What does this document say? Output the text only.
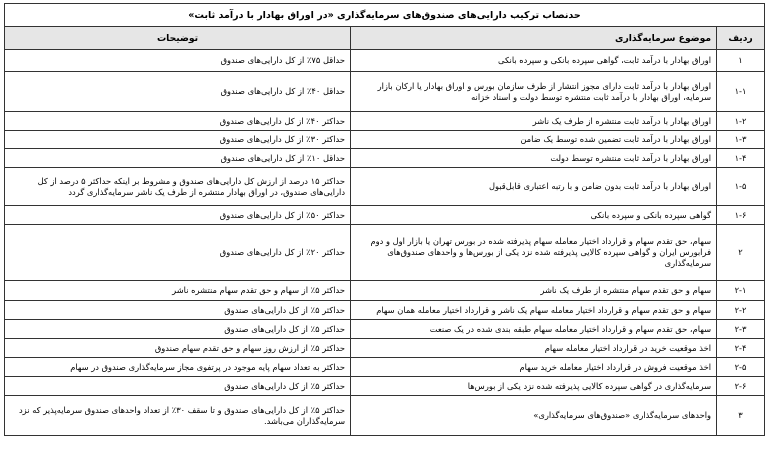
حدنصاب ترکیب دارایی‌های صندوق‌های سرمایه‌گذاری «در اوراق بهادار با درآمد ثابت»		
ردیف	موضوع سرمایه‌گذاری	توضیحات
۱	اوراق بهادار با درآمد ثابت، گواهی سپرده بانکی و سپرده بانکی	حداقل ۷۵٪ از کل دارایی‌های صندوق
۱-۱	اوراق بهادار با درآمد ثابت دارای مجوز انتشار از طرف سازمان بورس و اوراق بهادار یا ارکان بازار سرمایه، اوراق بهادار با درآمد ثابت منتشره توسط دولت و اسناد خزانه	حداقل ۴۰٪ از کل دارایی‌های صندوق
۱-۲	اوراق بهادار با درآمد ثابت منتشره از طرف یک ناشر	حداکثر ۴۰٪ از کل دارایی‌های صندوق
۱-۳	اوراق بهادار با درآمد ثابت تضمین شده توسط یک ضامن	حداکثر ۳۰٪ از کل دارایی‌های صندوق
۱-۴	اوراق بهادار با درآمد ثابت منتشره توسط دولت	حداقل ۱۰٪ از کل دارایی‌های صندوق
۱-۵	اوراق بهادار با درآمد ثابت بدون ضامن و با رتبه اعتباری قابل‌قبول	حداکثر ۱۵ درصد از ارزش کل دارایی‌های صندوق و مشروط بر اینکه حداکثر ۵ درصد از کل دارایی‌های صندوق، در اوراق بهادار منتشره از طرف یک ناشر سرمایه‌گذاری گردد
۱-۶	گواهی سپرده بانکی و سپرده بانکی	حداکثر ۵۰٪ از کل دارایی‌های صندوق
۲	سهام، حق تقدم سهام و قرارداد اختیار معامله سهام پذیرفته شده در بورس تهران یا بازار اول و دوم فرابورس ایران و گواهی سپرده کالایی پذیرفته شده نزد یکی از بورس‌ها و واحدهای صندوق‌های سرمایه‌گذاری	حداکثر ۲۰٪ از کل دارایی‌های صندوق
۲-۱	سهام و حق تقدم سهام منتشره از طرف یک ناشر	حداکثر ۵٪ از سهام و حق تقدم سهام منتشره ناشر
۲-۲	سهام و حق تقدم سهام و قرارداد اختیار معامله سهام یک ناشر و قرارداد اختیار معامله همان سهام	حداکثر ۵٪ از کل دارایی‌های صندوق
۲-۳	سهام، حق تقدم سهام و قرارداد اختیار معامله سهام طبقه بندی شده در یک صنعت	حداکثر ۵٪ از کل دارایی‌های صندوق
۲-۴	اخذ موقعیت خرید در قرارداد اختیار معامله سهام	حداکثر ۵٪ از ارزش روز سهام و حق تقدم سهام صندوق
۲-۵	اخذ موقعیت فروش در قرارداد اختیار معامله خرید سهام	حداکثر به تعداد سهام پایه موجود در پرتفوی مجاز سرمایه‌گذاری صندوق در سهام
۲-۶	سرمایه‌گذاری در گواهی سپرده کالایی پذیرفته شده نزد یکی از بورس‌ها	حداکثر ۵٪ از کل دارایی‌های صندوق
۳	واحدهای سرمایه‌گذاری «صندوق‌های سرمایه‌گذاری»	حداکثر ۵٪ از کل دارایی‌های صندوق و تا سقف ۳۰٪ از تعداد واحدهای صندوق سرمایه‌پذیر که نزد سرمایه‌گذاران می‌باشد.
